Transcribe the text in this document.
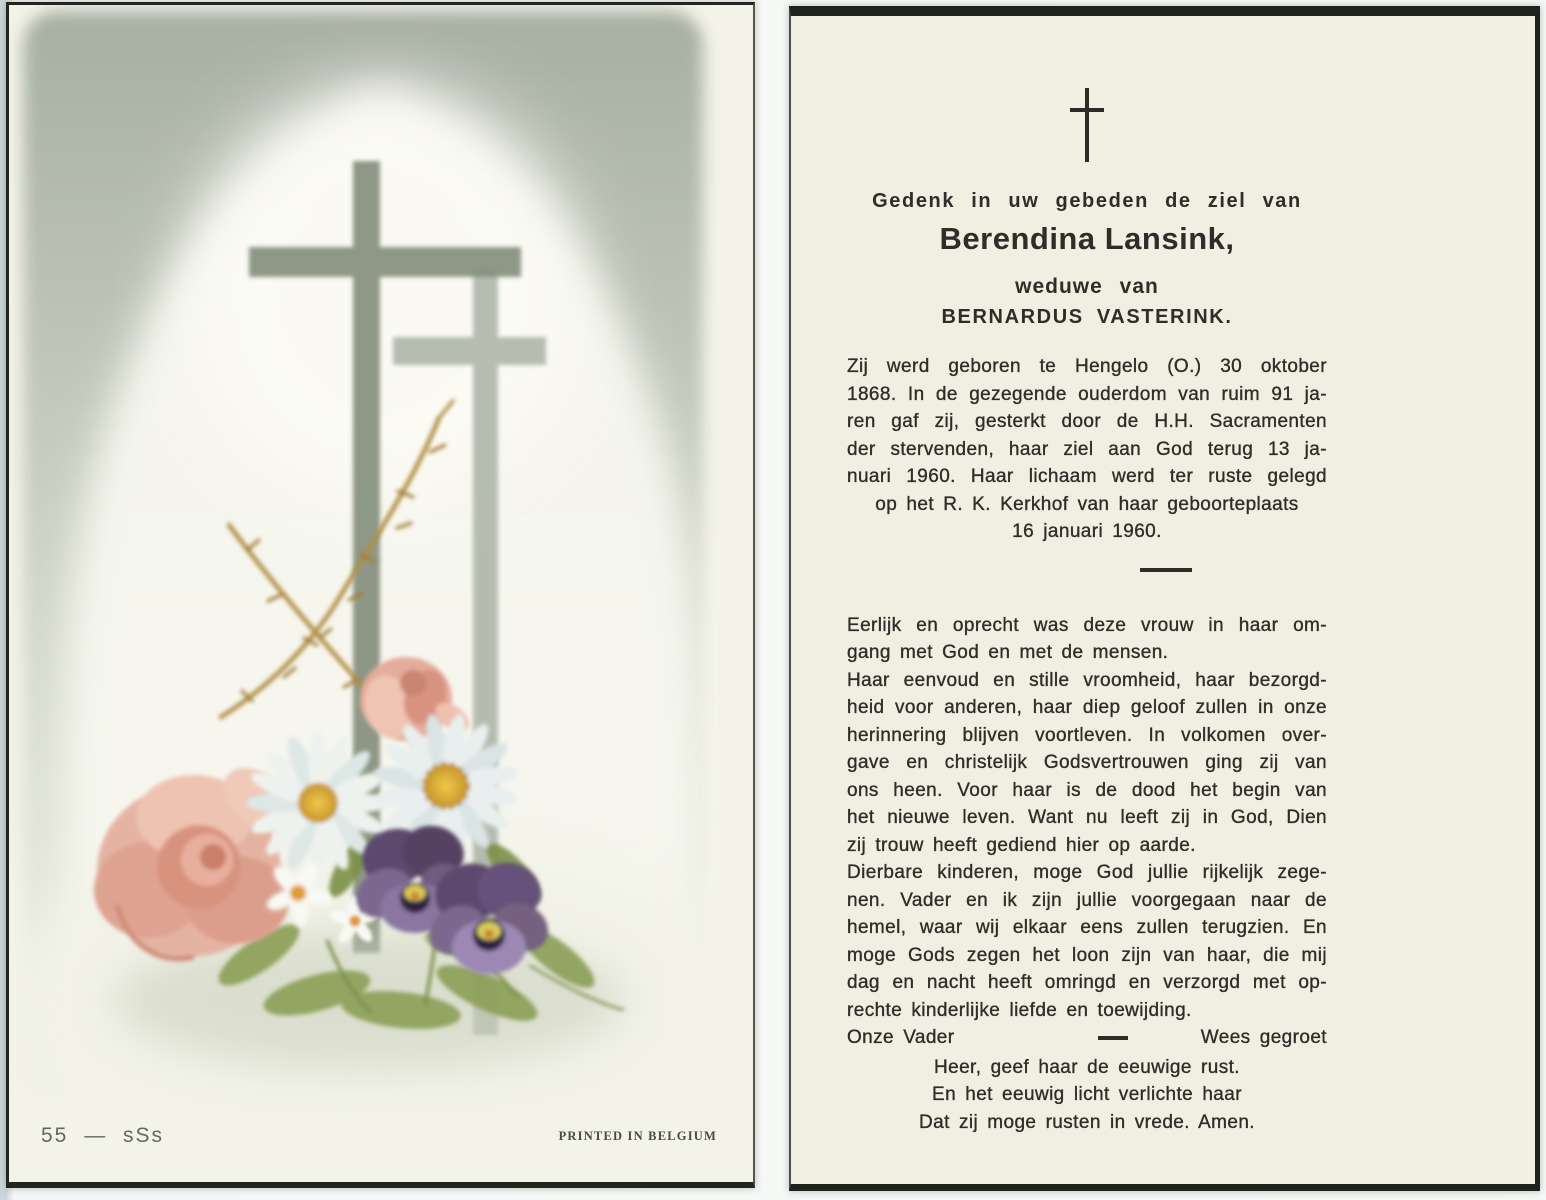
55 — sSs	PRINTED IN BELGIUM
Gedenk in uw gebeden de ziel van
Berendina Lansink,
weduwe van
BERNARDUS VASTERINK.
Zij werd geboren te Hengelo (O.) 30 oktober
1868. In de gezegende ouderdom van ruim 91 ja-
ren gaf zij, gesterkt door de H.H. Sacramenten
der stervenden, haar ziel aan God terug 13 ja-
nuari 1960. Haar lichaam werd ter ruste gelegd
op het R. K. Kerkhof van haar geboorteplaats
16 januari 1960.
Eerlijk en oprecht was deze vrouw in haar om-
gang met God en met de mensen.
Haar eenvoud en stille vroomheid, haar bezorgd-
heid voor anderen, haar diep geloof zullen in onze
herinnering blijven voortleven. In volkomen over-
gave en christelijk Godsvertrouwen ging zij van
ons heen. Voor haar is de dood het begin van
het nieuwe leven. Want nu leeft zij in God, Dien
zij trouw heeft gediend hier op aarde.
Dierbare kinderen, moge God jullie rijkelijk zege-
nen. Vader en ik zijn jullie voorgegaan naar de
hemel, waar wij elkaar eens zullen terugzien. En
moge Gods zegen het loon zijn van haar, die mij
dag en nacht heeft omringd en verzorgd met op-
rechte kinderlijke liefde en toewijding.
Onze Vader	Wees gegroet
Heer, geef haar de eeuwige rust.
En het eeuwig licht verlichte haar
Dat zij moge rusten in vrede. Amen.
